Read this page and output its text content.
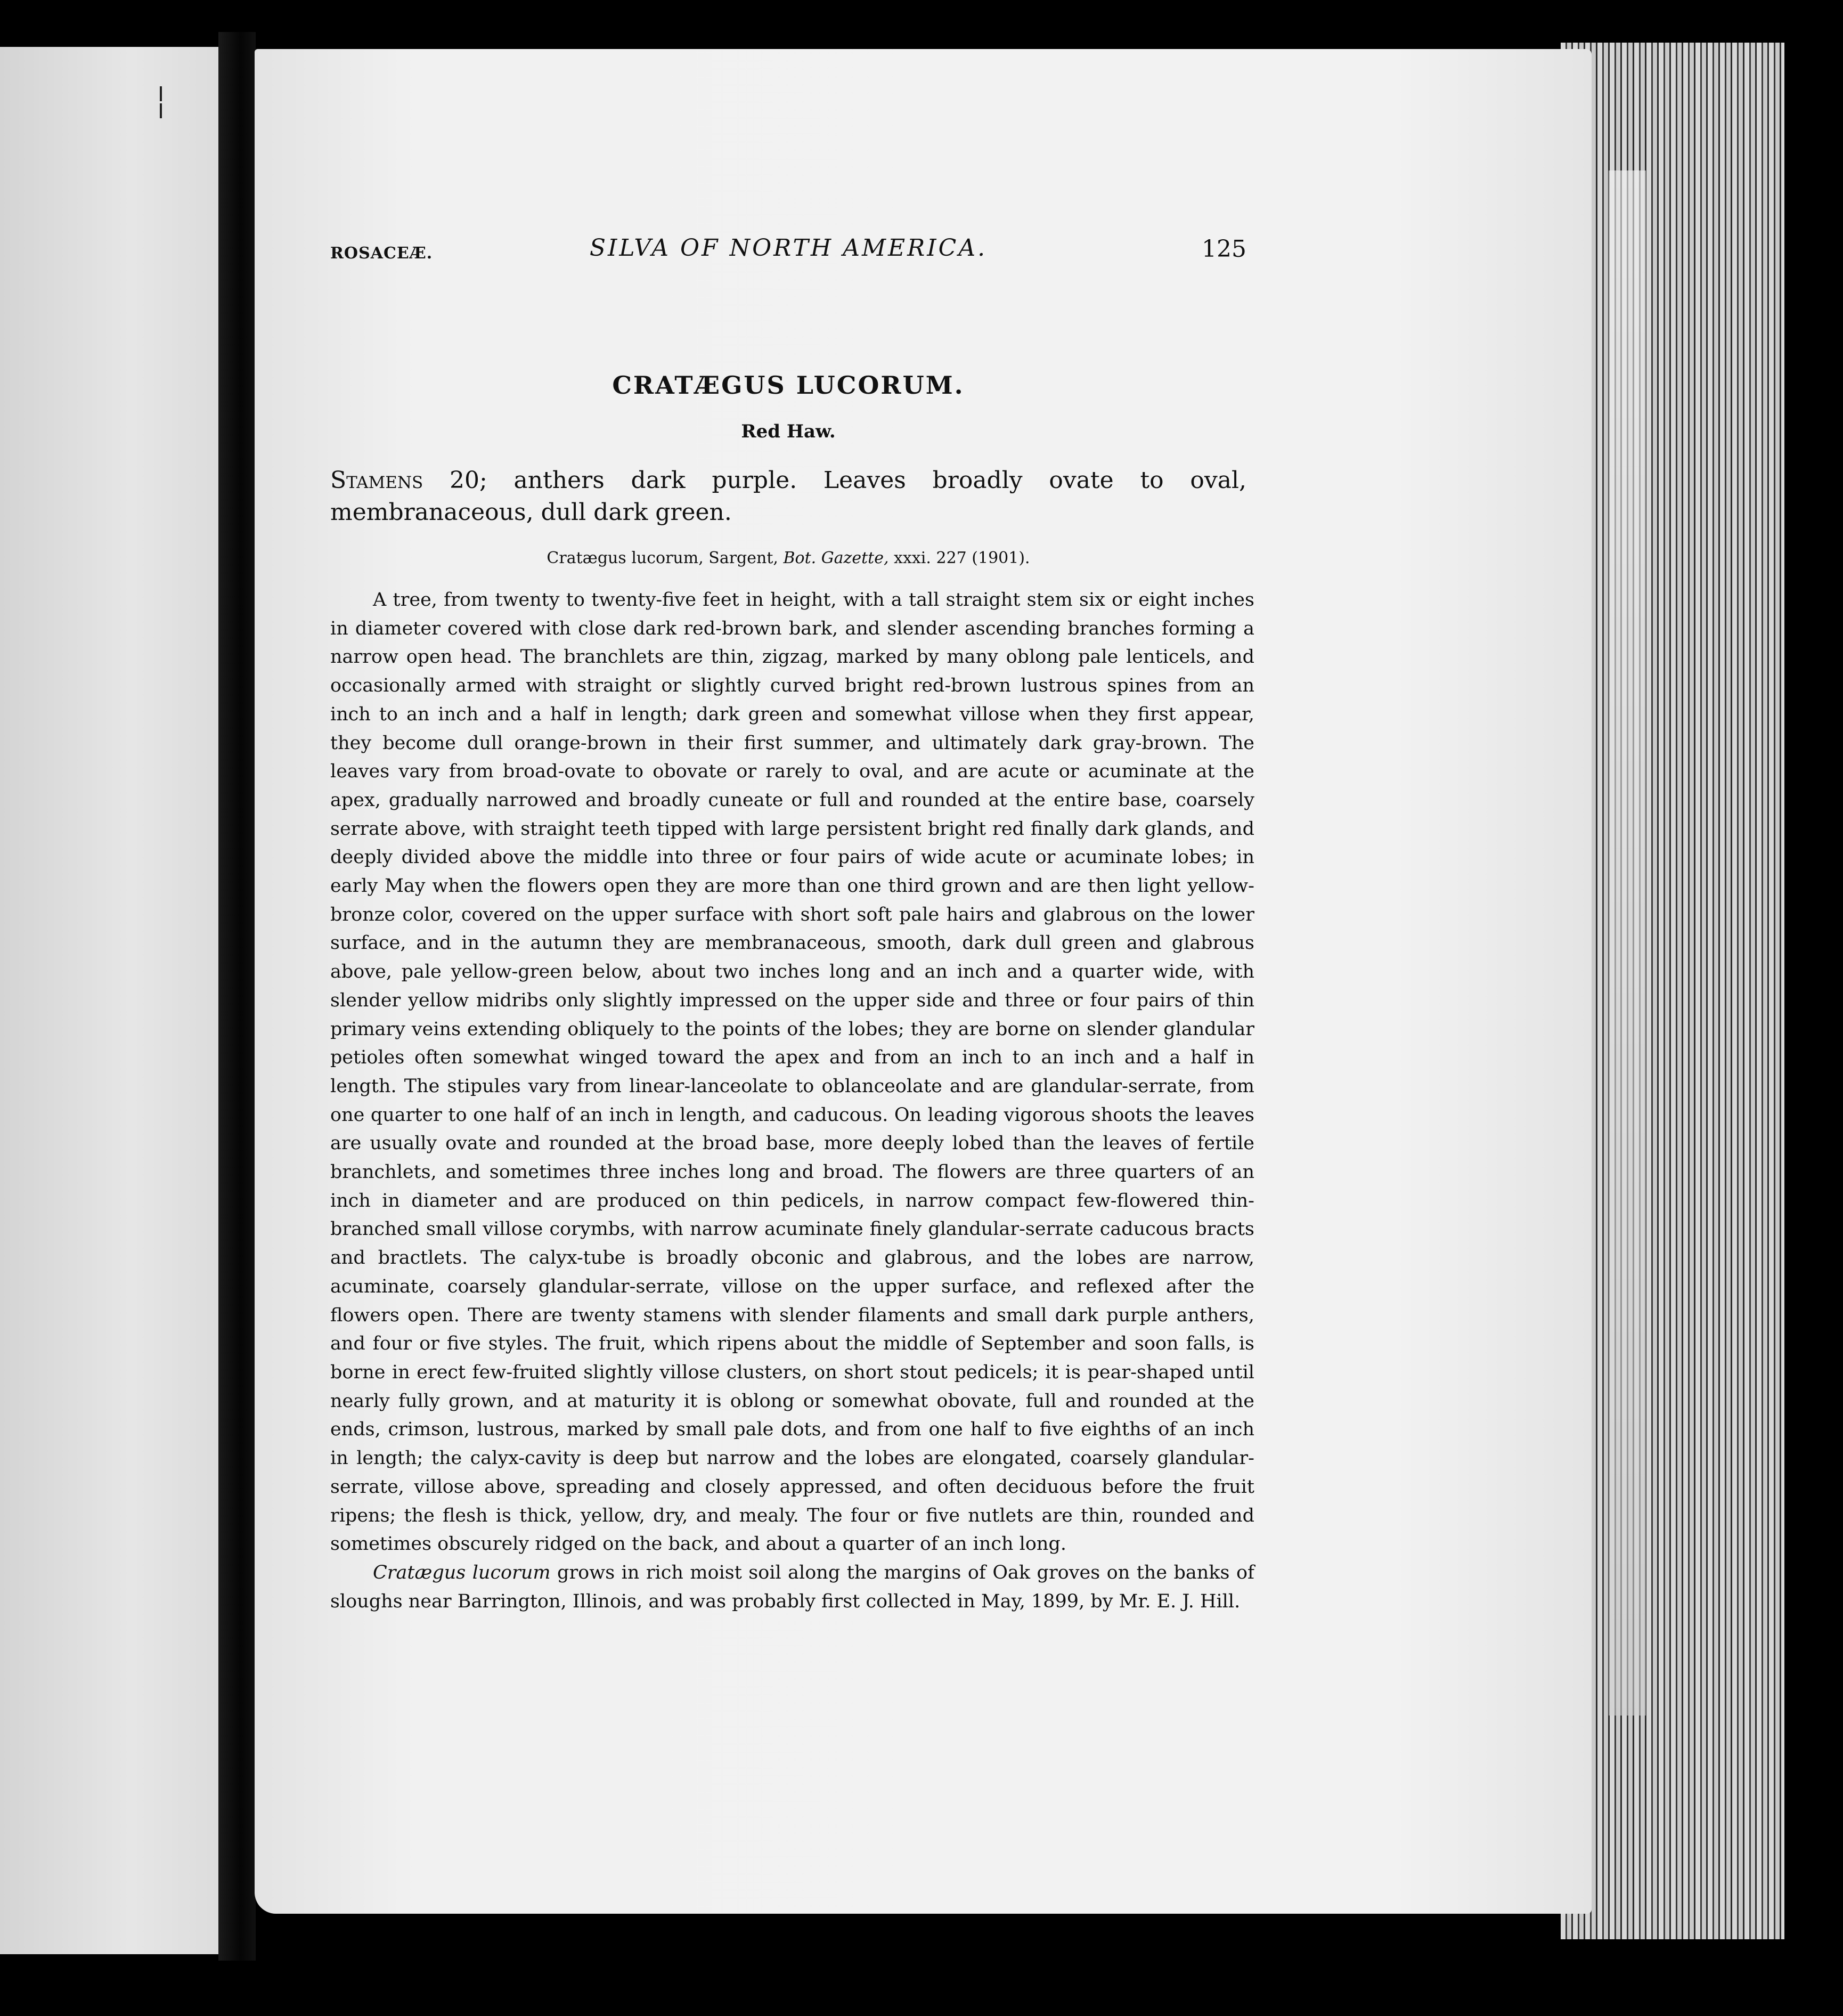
ROSACEÆ.	SILVA OF NORTH AMERICA.	125
CRATÆGUS LUCORUM.
Red Haw.
Stamens 20; anthers dark purple. Leaves broadly ovate to oval, membranaceous, dull dark green.
Cratægus lucorum, Sargent, Bot. Gazette, xxxi. 227 (1901).

A tree, from twenty to twenty-five feet in height, with a tall straight stem six or eight inches in diameter covered with close dark red-brown bark, and slender ascending branches forming a narrow open head. The branchlets are thin, zigzag, marked by many oblong pale lenticels, and occasionally armed with straight or slightly curved bright red-brown lustrous spines from an inch to an inch and a half in length; dark green and somewhat villose when they first appear, they become dull orange-brown in their first summer, and ultimately dark gray-brown. The leaves vary from broad-ovate to obovate or rarely to oval, and are acute or acuminate at the apex, gradually narrowed and broadly cuneate or full and rounded at the entire base, coarsely serrate above, with straight teeth tipped with large persistent bright red finally dark glands, and deeply divided above the middle into three or four pairs of wide acute or acuminate lobes; in early May when the flowers open they are more than one third grown and are then light yellow-bronze color, covered on the upper surface with short soft pale hairs and glabrous on the lower surface, and in the autumn they are membranaceous, smooth, dark dull green and glabrous above, pale yellow-green below, about two inches long and an inch and a quarter wide, with slender yellow midribs only slightly impressed on the upper side and three or four pairs of thin primary veins extending obliquely to the points of the lobes; they are borne on slender glandular petioles often somewhat winged toward the apex and from an inch to an inch and a half in length. The stipules vary from linear-lanceolate to oblanceolate and are glandular-serrate, from one quarter to one half of an inch in length, and caducous. On leading vigorous shoots the leaves are usually ovate and rounded at the broad base, more deeply lobed than the leaves of fertile branchlets, and sometimes three inches long and broad. The flowers are three quarters of an inch in diameter and are produced on thin pedicels, in narrow compact few-flowered thin-branched small villose corymbs, with narrow acuminate finely glandular-serrate caducous bracts and bractlets. The calyx-tube is broadly obconic and glabrous, and the lobes are narrow, acuminate, coarsely glandular-serrate, villose on the upper surface, and reflexed after the flowers open. There are twenty stamens with slender filaments and small dark purple anthers, and four or five styles. The fruit, which ripens about the middle of September and soon falls, is borne in erect few-fruited slightly villose clusters, on short stout pedicels; it is pear-shaped until nearly fully grown, and at maturity it is oblong or somewhat obovate, full and rounded at the ends, crimson, lustrous, marked by small pale dots, and from one half to five eighths of an inch in length; the calyx-cavity is deep but narrow and the lobes are elongated, coarsely glandular-serrate, villose above, spreading and closely appressed, and often deciduous before the fruit ripens; the flesh is thick, yellow, dry, and mealy. The four or five nutlets are thin, rounded and sometimes obscurely ridged on the back, and about a quarter of an inch long.

Cratægus lucorum grows in rich moist soil along the margins of Oak groves on the banks of sloughs near Barrington, Illinois, and was probably first collected in May, 1899, by Mr. E. J. Hill.
